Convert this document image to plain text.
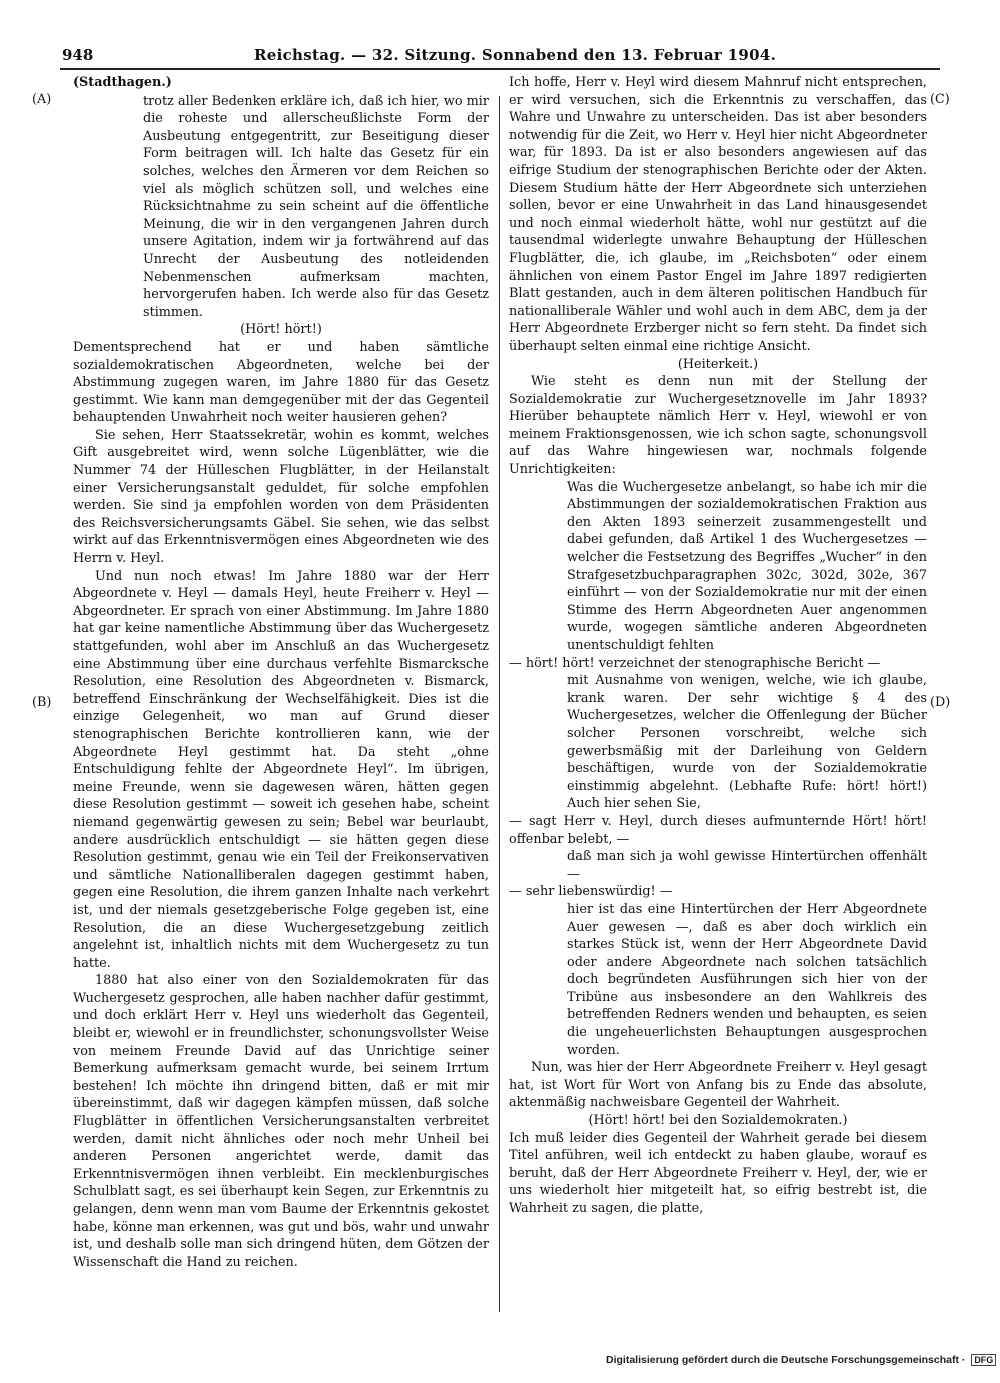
948	Reichstag. — 32. Sitzung. Sonnabend den 13. Februar 1904.
(A)
(B)
(C)
(D)

(Stadthagen.)

trotz aller Bedenken erkläre ich, daß ich hier, wo mir die roheste und allerscheußlichste Form der Ausbeutung entgegentritt, zur Beseitigung dieser Form beitragen will. Ich halte das Gesetz für ein solches, welches den Ärmeren vor dem Reichen so viel als möglich schützen soll, und welches eine Rücksichtnahme zu sein scheint auf die öffentliche Meinung, die wir in den vergangenen Jahren durch unsere Agitation, indem wir ja fortwährend auf das Unrecht der Ausbeutung des notleidenden Nebenmenschen aufmerksam machten, hervorgerufen haben. Ich werde also für das Gesetz stimmen.

(Hört! hört!)

Dementsprechend hat er und haben sämtliche sozialdemokratischen Abgeordneten, welche bei der Abstimmung zugegen waren, im Jahre 1880 für das Gesetz gestimmt. Wie kann man demgegenüber mit der das Gegenteil behauptenden Unwahrheit noch weiter hausieren gehen?

Sie sehen, Herr Staatssekretär, wohin es kommt, welches Gift ausgebreitet wird, wenn solche Lügenblätter, wie die Nummer 74 der Hülleschen Flugblätter, in der Heilanstalt einer Versicherungsanstalt geduldet, für solche empfohlen werden. Sie sind ja empfohlen worden von dem Präsidenten des Reichsversicherungsamts Gäbel. Sie sehen, wie das selbst wirkt auf das Erkenntnisvermögen eines Abgeordneten wie des Herrn v. Heyl.

Und nun noch etwas! Im Jahre 1880 war der Herr Abgeordnete v. Heyl — damals Heyl, heute Freiherr v. Heyl — Abgeordneter. Er sprach von einer Abstimmung. Im Jahre 1880 hat gar keine namentliche Abstimmung über das Wuchergesetz stattgefunden, wohl aber im Anschluß an das Wuchergesetz eine Abstimmung über eine durchaus verfehlte Bismarcksche Resolution, eine Resolution des Abgeordneten v. Bismarck, betreffend Einschränkung der Wechselfähigkeit. Dies ist die einzige Gelegenheit, wo man auf Grund dieser stenographischen Berichte kontrollieren kann, wie der Abgeordnete Heyl gestimmt hat. Da steht „ohne Entschuldigung fehlte der Abgeordnete Heyl“. Im übrigen, meine Freunde, wenn sie dagewesen wären, hätten gegen diese Resolution gestimmt — soweit ich gesehen habe, scheint niemand gegenwärtig gewesen zu sein; Bebel war beurlaubt, andere ausdrücklich entschuldigt — sie hätten gegen diese Resolution gestimmt, genau wie ein Teil der Freikonservativen und sämtliche Nationalliberalen dagegen gestimmt haben, gegen eine Resolution, die ihrem ganzen Inhalte nach verkehrt ist, und der niemals gesetzgeberische Folge gegeben ist, eine Resolution, die an diese Wuchergesetzgebung zeitlich angelehnt ist, inhaltlich nichts mit dem Wuchergesetz zu tun hatte.

1880 hat also einer von den Sozialdemokraten für das Wuchergesetz gesprochen, alle haben nachher dafür gestimmt, und doch erklärt Herr v. Heyl uns wiederholt das Gegenteil, bleibt er, wiewohl er in freundlichster, schonungsvollster Weise von meinem Freunde David auf das Unrichtige seiner Bemerkung aufmerksam gemacht wurde, bei seinem Irrtum bestehen! Ich möchte ihn dringend bitten, daß er mit mir übereinstimmt, daß wir dagegen kämpfen müssen, daß solche Flugblätter in öffentlichen Versicherungsanstalten verbreitet werden, damit nicht ähnliches oder noch mehr Unheil bei anderen Personen angerichtet werde, damit das Erkenntnisvermögen ihnen verbleibt. Ein mecklenburgisches Schulblatt sagt, es sei überhaupt kein Segen, zur Erkenntnis zu gelangen, denn wenn man vom Baume der Erkenntnis gekostet habe, könne man erkennen, was gut und bös, wahr und unwahr ist, und deshalb solle man sich dringend hüten, dem Götzen der Wissenschaft die Hand zu reichen.

Ich hoffe, Herr v. Heyl wird diesem Mahnruf nicht entsprechen, er wird versuchen, sich die Erkenntnis zu verschaffen, das Wahre und Unwahre zu unterscheiden. Das ist aber besonders notwendig für die Zeit, wo Herr v. Heyl hier nicht Abgeordneter war, für 1893. Da ist er also besonders angewiesen auf das eifrige Studium der stenographischen Berichte oder der Akten. Diesem Studium hätte der Herr Abgeordnete sich unterziehen sollen, bevor er eine Unwahrheit in das Land hinausgesendet und noch einmal wiederholt hätte, wohl nur gestützt auf die tausendmal widerlegte unwahre Behauptung der Hülleschen Flugblätter, die, ich glaube, im „Reichsboten“ oder einem ähnlichen von einem Pastor Engel im Jahre 1897 redigierten Blatt gestanden, auch in dem älteren politischen Handbuch für nationalliberale Wähler und wohl auch in dem ABC, dem ja der Herr Abgeordnete Erzberger nicht so fern steht. Da findet sich überhaupt selten einmal eine richtige Ansicht.

(Heiterkeit.)

Wie steht es denn nun mit der Stellung der Sozialdemokratie zur Wuchergesetznovelle im Jahr 1893? Hierüber behauptete nämlich Herr v. Heyl, wiewohl er von meinem Fraktionsgenossen, wie ich schon sagte, schonungsvoll auf das Wahre hingewiesen war, nochmals folgende Unrichtigkeiten:

Was die Wuchergesetze anbelangt, so habe ich mir die Abstimmungen der sozialdemokratischen Fraktion aus den Akten 1893 seinerzeit zusammengestellt und dabei gefunden, daß Artikel 1 des Wuchergesetzes — welcher die Festsetzung des Begriffes „Wucher“ in den Strafgesetzbuchparagraphen 302c, 302d, 302e, 367 einführt — von der Sozialdemokratie nur mit der einen Stimme des Herrn Abgeordneten Auer angenommen wurde, wogegen sämtliche anderen Abgeordneten unentschuldigt fehlten

— hört! hört! verzeichnet der stenographische Bericht —

mit Ausnahme von wenigen, welche, wie ich glaube, krank waren. Der sehr wichtige § 4 des Wuchergesetzes, welcher die Offenlegung der Bücher solcher Personen vorschreibt, welche sich gewerbsmäßig mit der Darleihung von Geldern beschäftigen, wurde von der Sozialdemokratie einstimmig abgelehnt. (Lebhafte Rufe: hört! hört!) Auch hier sehen Sie,

— sagt Herr v. Heyl, durch dieses aufmunternde Hört! hört! offenbar belebt, —

daß man sich ja wohl gewisse Hintertürchen offenhält —

— sehr liebenswürdig! —

hier ist das eine Hintertürchen der Herr Abgeordnete Auer gewesen —, daß es aber doch wirklich ein starkes Stück ist, wenn der Herr Abgeordnete David oder andere Abgeordnete nach solchen tatsächlich doch begründeten Ausführungen sich hier von der Tribüne aus insbesondere an den Wahlkreis des betreffenden Redners wenden und behaupten, es seien die ungeheuerlichsten Behauptungen ausgesprochen worden.

Nun, was hier der Herr Abgeordnete Freiherr v. Heyl gesagt hat, ist Wort für Wort von Anfang bis zu Ende das absolute, aktenmäßig nachweisbare Gegenteil der Wahrheit.

(Hört! hört! bei den Sozialdemokraten.)

Ich muß leider dies Gegenteil der Wahrheit gerade bei diesem Titel anführen, weil ich entdeckt zu haben glaube, worauf es beruht, daß der Herr Abgeordnete Freiherr v. Heyl, der, wie er uns wiederholt hier mitgeteilt hat, so eifrig bestrebt ist, die Wahrheit zu sagen, die platte,

Digitalisierung gefördert durch die Deutsche Forschungsgemeinschaft · DFG
